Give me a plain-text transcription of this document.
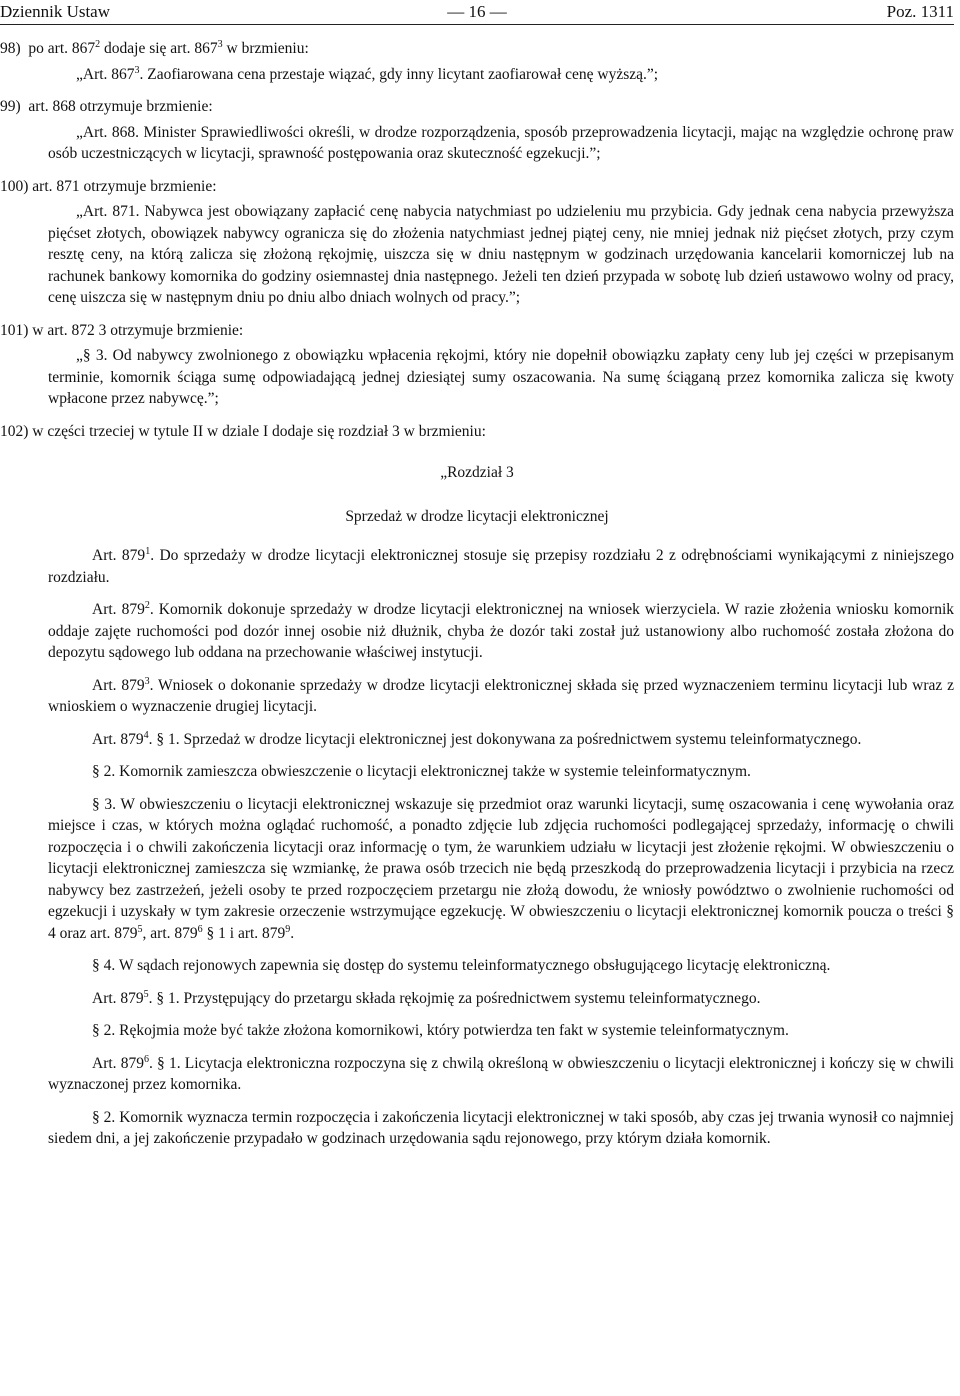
Dziennik Ustaw	— 16 —	Poz. 1311

98)  po art. $867^2$ dodaje się art. $867^3$ w brzmieniu:

„Art. $867^3$. Zaofiarowana cena przestaje wiązać, gdy inny licytant zaofiarował cenę wyższą.”;

99)  art. 868 otrzymuje brzmienie:

„Art. 868. Minister Sprawiedliwości określi, w drodze rozporządzenia, sposób przeprowadzenia licytacji, mając na względzie ochronę praw osób uczestniczących w licytacji, sprawność postępowania oraz skuteczność egzekucji.”;

100) art. 871 otrzymuje brzmienie:

„Art. 871. Nabywca jest obowiązany zapłacić cenę nabycia natychmiast po udzieleniu mu przybicia. Gdy jednak cena nabycia przewyższa pięćset złotych, obowiązek nabywcy ogranicza się do złożenia natychmiast jednej piątej ceny, nie mniej jednak niż pięćset złotych, przy czym resztę ceny, na którą zalicza się złożoną rękojmię, uiszcza się w dniu następnym w godzinach urzędowania kancelarii komorniczej lub na rachunek bankowy komornika do godziny osiemnastej dnia następnego. Jeżeli ten dzień przypada w sobotę lub dzień ustawowo wolny od pracy, cenę uiszcza się w następnym dniu po dniu albo dniach wolnych od pracy.”;

101) w art. 872 3 otrzymuje brzmienie:

„§ 3. Od nabywcy zwolnionego z obowiązku wpłacenia rękojmi, który nie dopełnił obowiązku zapłaty ceny lub jej części w przepisanym terminie, komornik ściąga sumę odpowiadającą jednej dziesiątej sumy oszacowania. Na sumę ściąganą przez komornika zalicza się kwoty wpłacone przez nabywcę.”;

102) w części trzeciej w tytule II w dziale I dodaje się rozdział 3 w brzmieniu:

„Rozdział 3

Sprzedaż w drodze licytacji elektronicznej

Art. $879^1$. Do sprzedaży w drodze licytacji elektronicznej stosuje się przepisy rozdziału 2 z odrębnościami wynikającymi z niniejszego rozdziału.

Art. $879^2$. Komornik dokonuje sprzedaży w drodze licytacji elektronicznej na wniosek wierzyciela. W razie złożenia wniosku komornik oddaje zajęte ruchomości pod dozór innej osobie niż dłużnik, chyba że dozór taki został już ustanowiony albo ruchomość została złożona do depozytu sądowego lub oddana na przechowanie właściwej instytucji.

Art. $879^3$. Wniosek o dokonanie sprzedaży w drodze licytacji elektronicznej składa się przed wyznaczeniem terminu licytacji lub wraz z wnioskiem o wyznaczenie drugiej licytacji.

Art. $879^4$. § 1. Sprzedaż w drodze licytacji elektronicznej jest dokonywana za pośrednictwem systemu teleinformatycznego.

§ 2. Komornik zamieszcza obwieszczenie o licytacji elektronicznej także w systemie teleinformatycznym.

§ 3. W obwieszczeniu o licytacji elektronicznej wskazuje się przedmiot oraz warunki licytacji, sumę oszacowania i cenę wywołania oraz miejsce i czas, w których można oglądać ruchomość, a ponadto zdjęcie lub zdjęcia ruchomości podlegającej sprzedaży, informację o chwili rozpoczęcia i o chwili zakończenia licytacji oraz informację o tym, że warunkiem udziału w licytacji jest złożenie rękojmi. W obwieszczeniu o licytacji elektronicznej zamieszcza się wzmiankę, że prawa osób trzecich nie będą przeszkodą do przeprowadzenia licytacji i przybicia na rzecz nabywcy bez zastrzeżeń, jeżeli osoby te przed rozpoczęciem przetargu nie złożą dowodu, że wniosły powództwo o zwolnienie ruchomości od egzekucji i uzyskały w tym zakresie orzeczenie wstrzymujące egzekucję. W obwieszczeniu o licytacji elektronicznej komornik poucza o treści § 4 oraz art. $879^5$, art. $879^6$ § 1 i art. $879^9$.

§ 4. W sądach rejonowych zapewnia się dostęp do systemu teleinformatycznego obsługującego licytację elektroniczną.

Art. $879^5$. § 1. Przystępujący do przetargu składa rękojmię za pośrednictwem systemu teleinformatycznego.

§ 2. Rękojmia może być także złożona komornikowi, który potwierdza ten fakt w systemie teleinformatycznym.

Art. $879^6$. § 1. Licytacja elektroniczna rozpoczyna się z chwilą określoną w obwieszczeniu o licytacji elektronicznej i kończy się w chwili wyznaczonej przez komornika.

§ 2. Komornik wyznacza termin rozpoczęcia i zakończenia licytacji elektronicznej w taki sposób, aby czas jej trwania wynosił co najmniej siedem dni, a jej zakończenie przypadało w godzinach urzędowania sądu rejonowego, przy którym działa komornik.
